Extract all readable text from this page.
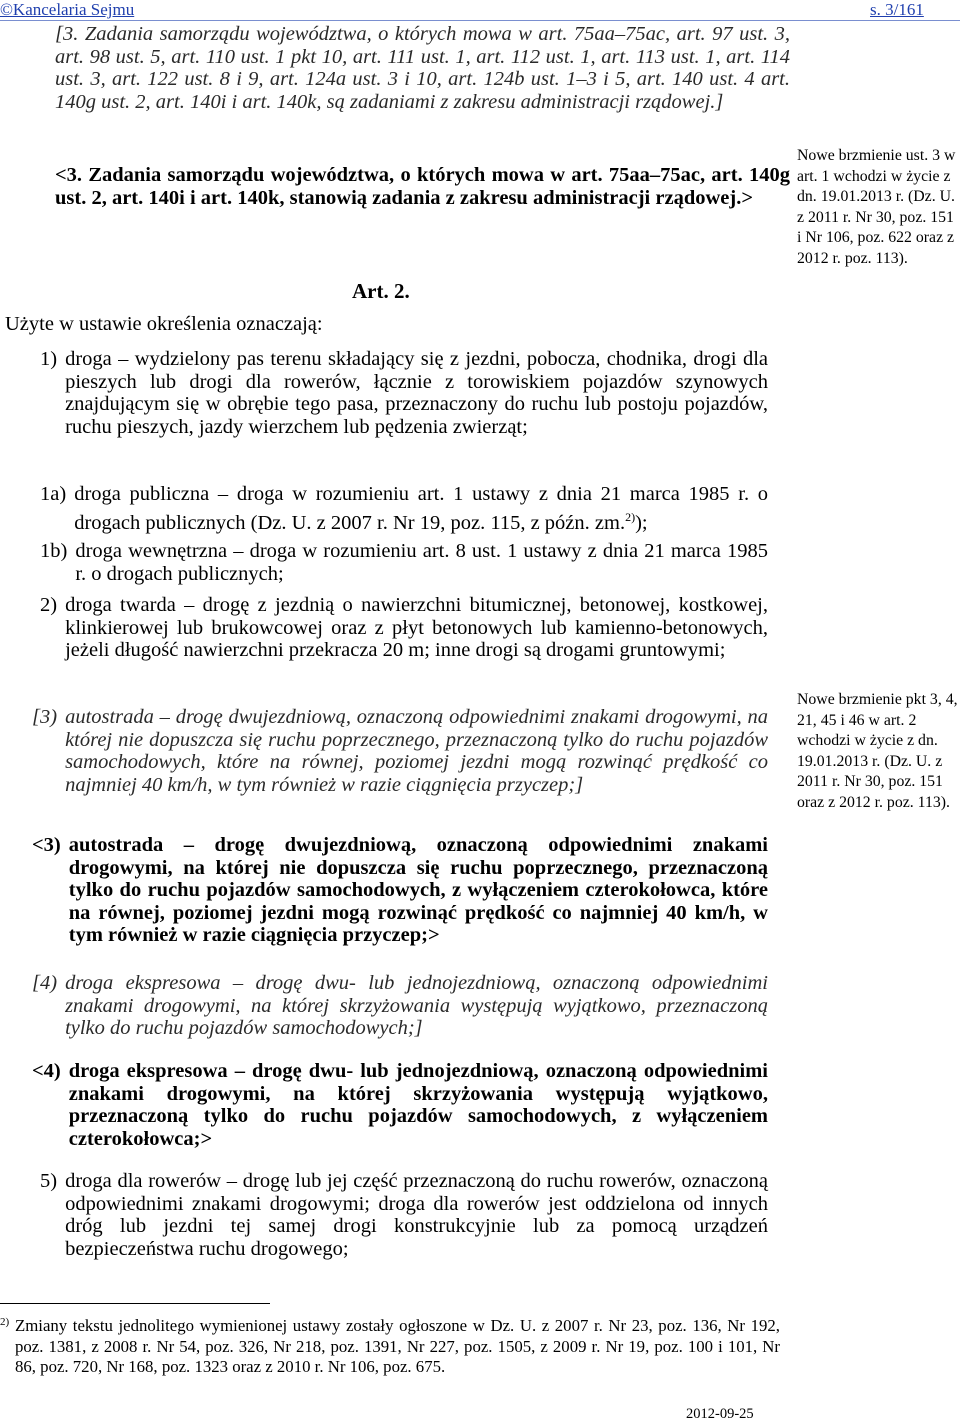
©Kancelaria Sejmu	s. 3/161
[3. Zadania samorządu województwa, o których mowa w art. 75aa–75ac, art. 97 ust. 3, art. 98 ust. 5, art. 110 ust. 1 pkt 10, art. 111 ust. 1, art. 112 ust. 1, art. 113 ust. 1, art. 114 ust. 3, art. 122 ust. 8 i 9, art. 124a ust. 3 i 10, art. 124b ust. 1–3 i 5, art. 140 ust. 4 art. 140g ust. 2, art. 140i i art. 140k, są zadaniami z zakresu administracji rządowej.]
<3. Zadania samorządu województwa, o których mowa w art. 75aa–75ac, art. 140g ust. 2, art. 140i i art. 140k, stanowią zadania z zakresu administracji rządowej.>
Art. 2.
Użyte w ustawie określenia oznaczają:
1) droga – wydzielony pas terenu składający się z jezdni, pobocza, chodnika, drogi dla pieszych lub drogi dla rowerów, łącznie z torowiskiem pojazdów szynowych znajdującym się w obrębie tego pasa, przeznaczony do ruchu lub postoju pojazdów, ruchu pieszych, jazdy wierzchem lub pędzenia zwierząt;
1a) droga publiczna – droga w rozumieniu art. 1 ustawy z dnia 21 marca 1985 r. o drogach publicznych (Dz. U. z 2007 r. Nr 19, poz. 115, z późn. zm.$^{2)}$);
1b) droga wewnętrzna – droga w rozumieniu art. 8 ust. 1 ustawy z dnia 21 marca 1985 r. o drogach publicznych;
2) droga twarda – drogę z jezdnią o nawierzchni bitumicznej, betonowej, kostkowej, klinkierowej lub brukowcowej oraz z płyt betonowych lub kamienno-betonowych, jeżeli długość nawierzchni przekracza 20 m; inne drogi są drogami gruntowymi;
[3) autostrada – drogę dwujezdniową, oznaczoną odpowiednimi znakami drogowymi, na której nie dopuszcza się ruchu poprzecznego, przeznaczoną tylko do ruchu pojazdów samochodowych, które na równej, poziomej jezdni mogą rozwinąć prędkość co najmniej 40 km/h, w tym również w razie ciągnięcia przyczep;]
<3) autostrada – drogę dwujezdniową, oznaczoną odpowiednimi znakami drogowymi, na której nie dopuszcza się ruchu poprzecznego, przeznaczoną tylko do ruchu pojazdów samochodowych, z wyłączeniem czterokołowca, które na równej, poziomej jezdni mogą rozwinąć prędkość co najmniej 40 km/h, w tym również w razie ciągnięcia przyczep;>
[4) droga ekspresowa – drogę dwu- lub jednojezdniową, oznaczoną odpowiednimi znakami drogowymi, na której skrzyżowania występują wyjątkowo, przeznaczoną tylko do ruchu pojazdów samochodowych;]
<4) droga ekspresowa – drogę dwu- lub jednojezdniową, oznaczoną odpowiednimi znakami drogowymi, na której skrzyżowania występują wyjątkowo, przeznaczoną tylko do ruchu pojazdów samochodowych, z wyłączeniem czterokołowca;>
5) droga dla rowerów – drogę lub jej część przeznaczoną do ruchu rowerów, oznaczoną odpowiednimi znakami drogowymi; droga dla rowerów jest oddzielona od innych dróg lub jezdni tej samej drogi konstrukcyjnie lub za pomocą urządzeń bezpieczeństwa ruchu drogowego;
Nowe brzmienie ust. 3 w art. 1 wchodzi w życie z dn. 19.01.2013 r. (Dz. U. z 2011 r. Nr 30, poz. 151 i Nr 106, poz. 622 oraz z 2012 r. poz. 113).
Nowe brzmienie pkt 3, 4, 21, 45 i 46 w art. 2 wchodzi w życie z dn. 19.01.2013 r. (Dz. U. z 2011 r. Nr 30, poz. 151 oraz z 2012 r. poz. 113).
2) Zmiany tekstu jednolitego wymienionej ustawy zostały ogłoszone w Dz. U. z 2007 r. Nr 23, poz. 136, Nr 192, poz. 1381, z 2008 r. Nr 54, poz. 326, Nr 218, poz. 1391, Nr 227, poz. 1505, z 2009 r. Nr 19, poz. 100 i 101, Nr 86, poz. 720, Nr 168, poz. 1323 oraz z 2010 r. Nr 106, poz. 675.
2012-09-25
